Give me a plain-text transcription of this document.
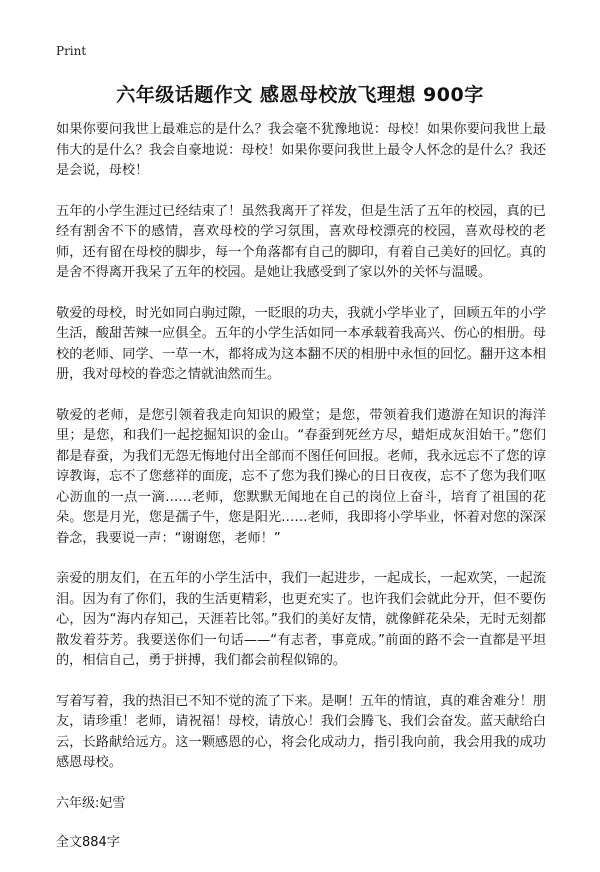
Print
六年级话题作文 感恩母校放飞理想 900字

如果你要问我世上最难忘的是什么？我会毫不犹豫地说：母校！如果你要问我世上最伟大的是什么？我会自豪地说：母校！如果你要问我世上最令人怀念的是什么？我还是会说，母校！

五年的小学生涯过已经结束了！虽然我离开了祥发，但是生活了五年的校园，真的已经有割舍不下的感情，喜欢母校的学习氛围，喜欢母校漂亮的校园，喜欢母校的老师，还有留在母校的脚步，每一个角落都有自己的脚印，有着自己美好的回忆。真的是舍不得离开我呆了五年的校园。是她让我感受到了家以外的关怀与温暖。

敬爱的母校，时光如同白驹过隙，一眨眼的功夫，我就小学毕业了，回顾五年的小学生活，酸甜苦辣一应俱全。五年的小学生活如同一本承载着我高兴、伤心的相册。母校的老师、同学、一草一木，都将成为这本翻不厌的相册中永恒的回忆。翻开这本相册，我对母校的眷恋之情就油然而生。

敬爱的老师，是您引领着我走向知识的殿堂；是您，带领着我们遨游在知识的海洋里；是您，和我们一起挖掘知识的金山。“春蚕到死丝方尽，蜡炬成灰泪始干。”您们都是春蚕，为我们无怨无悔地付出全部而不图任何回报。老师，我永远忘不了您的谆谆教诲，忘不了您慈祥的面庞，忘不了您为我们操心的日日夜夜，忘不了您为我们呕心沥血的一点一滴……老师，您默默无闻地在自己的岗位上奋斗，培育了祖国的花朵。您是月光，您是孺子牛，您是阳光……老师，我即将小学毕业，怀着对您的深深眷念，我要说一声：“谢谢您，老师！”

亲爱的朋友们，在五年的小学生活中，我们一起进步，一起成长，一起欢笑，一起流泪。因为有了你们，我的生活更精彩，也更充实了。也许我们会就此分开，但不要伤心，因为“海内存知己，天涯若比邻。”我们的美好友情，就像鲜花朵朵，无时无刻都散发着芬芳。我要送你们一句话——“有志者，事竟成。”前面的路不会一直都是平坦的，相信自己，勇于拼搏，我们都会前程似锦的。

写着写着，我的热泪已不知不觉的流了下来。是啊！五年的情谊，真的难舍难分！朋友，请珍重！老师，请祝福！母校，请放心！我们会腾飞、我们会奋发。蓝天献给白云，长路献给远方。这一颗感恩的心，将会化成动力，指引我向前，我会用我的成功感恩母校。

六年级:妃雪

全文884字
